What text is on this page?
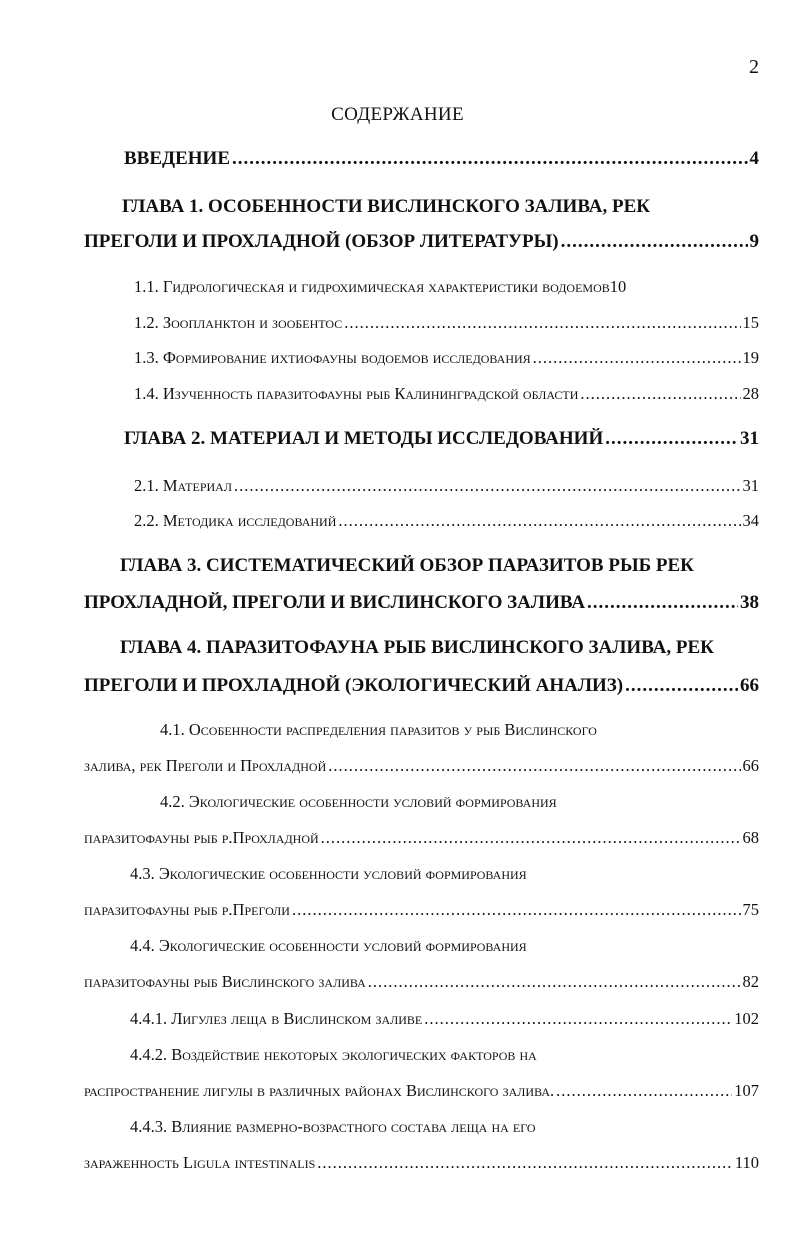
2
СОДЕРЖАНИЕ
ВВЕДЕНИЕ .....	4
ГЛАВА 1. ОСОБЕННОСТИ ВИСЛИНСКОГО ЗАЛИВА, РЕК
ПРЕГОЛИ И ПРОХЛАДНОЙ (ОБЗОР ЛИТЕРАТУРЫ) .....	9
1.1. Гидрологическая и гидрохимическая характеристики водоемов 10
1.2. Зоопланктон и зообентос .....	15
1.3. Формирование ихтиофауны водоемов исследования .....	19
1.4. Изученность паразитофауны рыб Калининградской области .....	28
ГЛАВА 2. МАТЕРИАЛ И МЕТОДЫ ИССЛЕДОВАНИЙ .....	31
2.1. Материал .....	31
2.2. Методика исследований .....	34
ГЛАВА 3. СИСТЕМАТИЧЕСКИЙ ОБЗОР ПАРАЗИТОВ РЫБ РЕК
ПРОХЛАДНОЙ, ПРЕГОЛИ И ВИСЛИНСКОГО ЗАЛИВА .....	38
ГЛАВА 4. ПАРАЗИТОФАУНА РЫБ ВИСЛИНСКОГО ЗАЛИВА, РЕК
ПРЕГОЛИ И ПРОХЛАДНОЙ (ЭКОЛОГИЧЕСКИЙ АНАЛИЗ) .....	66
4.1. Особенности распределения паразитов у рыб Вислинского
залива, рек Преголи и Прохладной .....	66
4.2. Экологические особенности условий формирования
паразитофауны рыб р.Прохладной .....	68
4.3. Экологические особенности условий формирования
паразитофауны рыб р.Преголи .....	75
4.4. Экологические особенности условий формирования
паразитофауны рыб Вислинского залива .....	82
4.4.1. Лигулез леща в Вислинском заливе .....	102
4.4.2. Воздействие некоторых экологических факторов на
распространение лигулы в различных районах Вислинского залива. .....	107
4.4.3. Влияние размерно-возрастного состава леща на его
зараженность Ligula intestinalis .....	110
